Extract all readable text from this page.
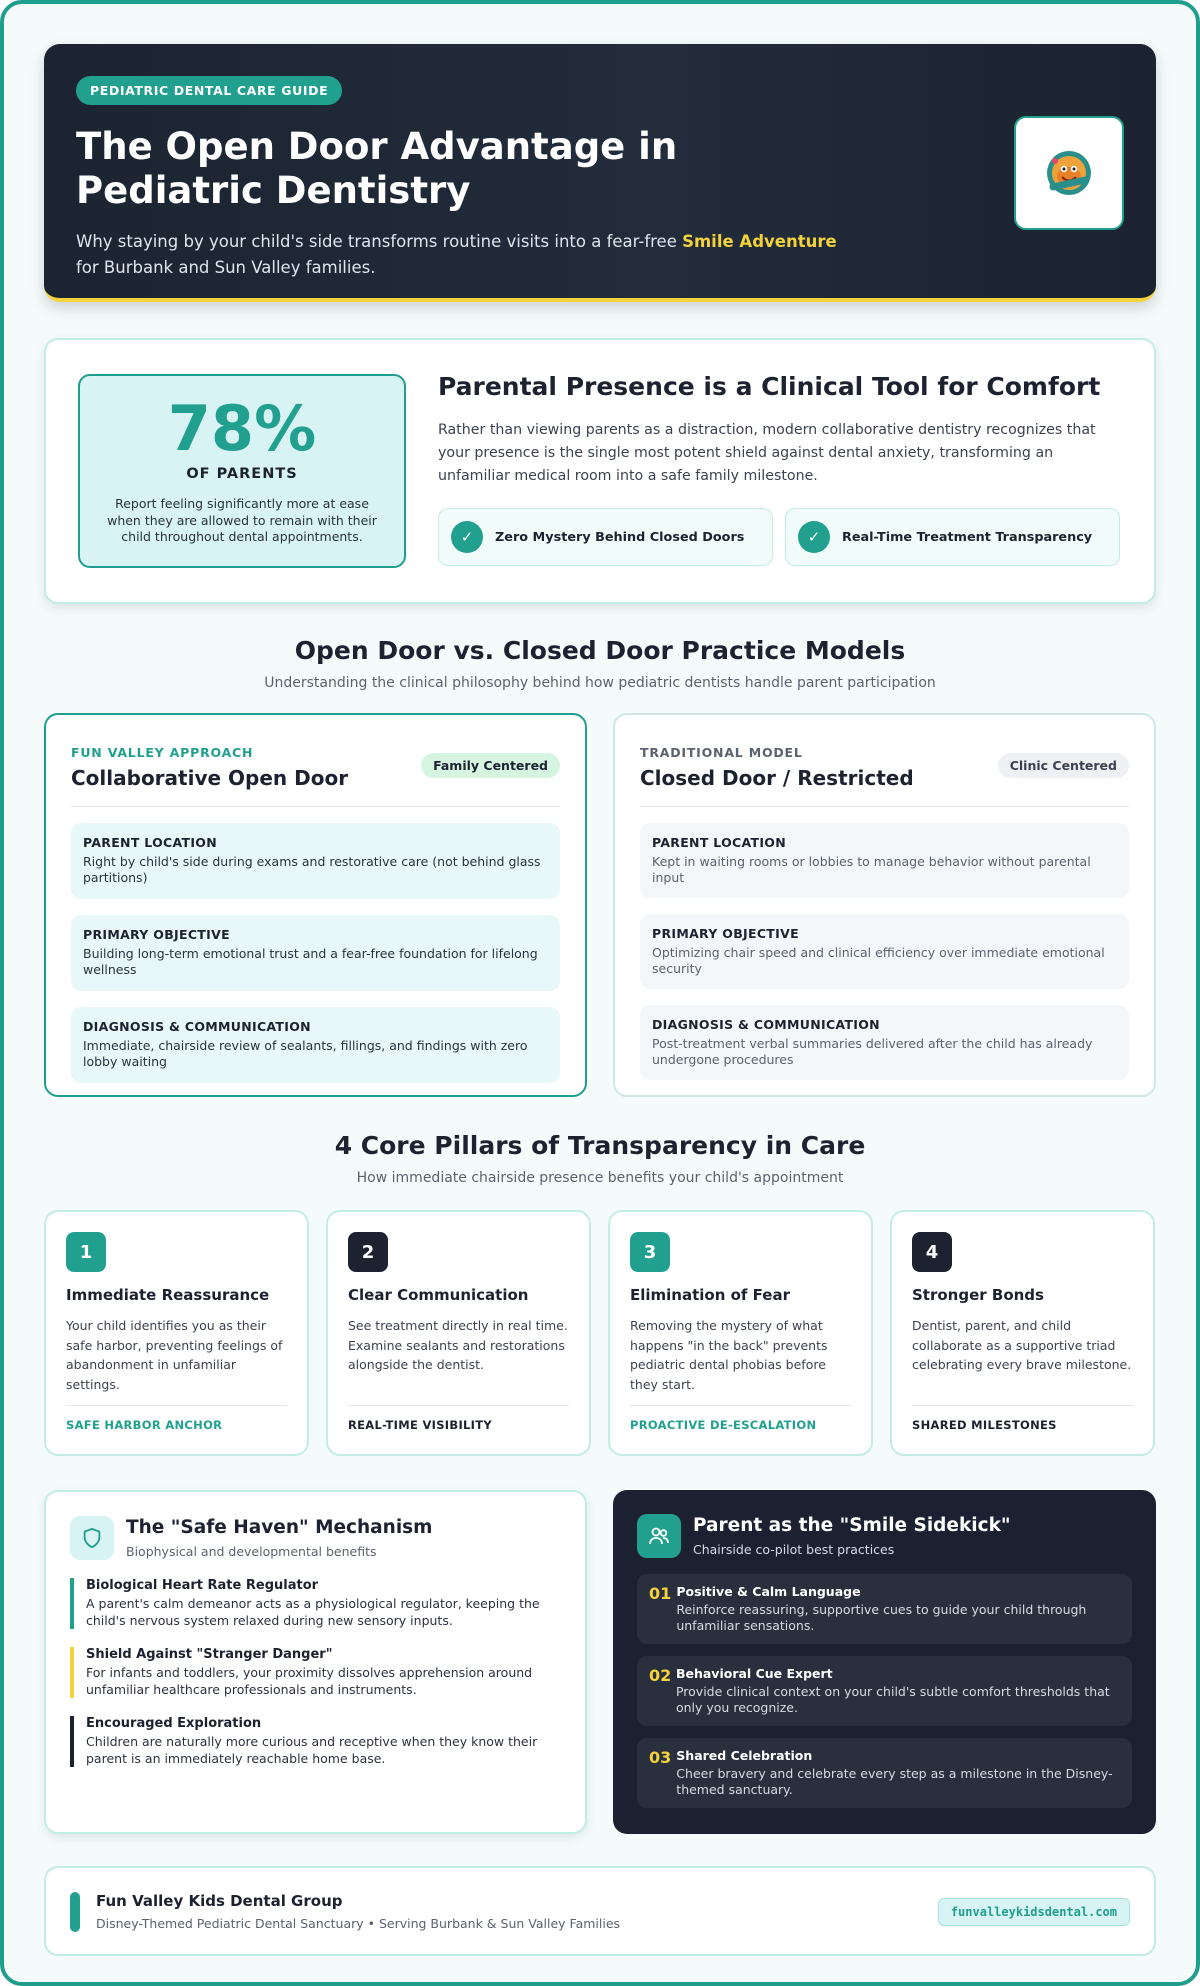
PEDIATRIC DENTAL CARE GUIDE
The Open Door Advantage in Pediatric Dentistry
Why staying by your child's side transforms routine visits into a fear-free Smile Adventure for Burbank and Sun Valley families.
78%
OF PARENTS
Report feeling significantly more at ease when they are allowed to remain with their child throughout dental appointments.
Parental Presence is a Clinical Tool for Comfort
Rather than viewing parents as a distraction, modern collaborative dentistry recognizes that your presence is the single most potent shield against dental anxiety, transforming an unfamiliar medical room into a safe family milestone.
✓	Zero Mystery Behind Closed Doors	✓	Real-Time Treatment Transparency
Open Door vs. Closed Door Practice Models
Understanding the clinical philosophy behind how pediatric dentists handle parent participation
FUN VALLEY APPROACH
Collaborative Open Door
Family Centered
PARENT LOCATION
Right by child's side during exams and restorative care (not behind glass partitions)
PRIMARY OBJECTIVE
Building long-term emotional trust and a fear-free foundation for lifelong wellness
DIAGNOSIS & COMMUNICATION
Immediate, chairside review of sealants, fillings, and findings with zero lobby waiting
TRADITIONAL MODEL
Closed Door / Restricted
Clinic Centered
PARENT LOCATION
Kept in waiting rooms or lobbies to manage behavior without parental input
PRIMARY OBJECTIVE
Optimizing chair speed and clinical efficiency over immediate emotional security
DIAGNOSIS & COMMUNICATION
Post-treatment verbal summaries delivered after the child has already undergone procedures
4 Core Pillars of Transparency in Care
How immediate chairside presence benefits your child's appointment
1
Immediate Reassurance
Your child identifies you as their safe harbor, preventing feelings of abandonment in unfamiliar settings.
SAFE HARBOR ANCHOR
2
Clear Communication
See treatment directly in real time. Examine sealants and restorations alongside the dentist.
REAL-TIME VISIBILITY
3
Elimination of Fear
Removing the mystery of what happens "in the back" prevents pediatric dental phobias before they start.
PROACTIVE DE-ESCALATION
4
Stronger Bonds
Dentist, parent, and child collaborate as a supportive triad celebrating every brave milestone.
SHARED MILESTONES
The "Safe Haven" Mechanism
Biophysical and developmental benefits
Biological Heart Rate Regulator
A parent's calm demeanor acts as a physiological regulator, keeping the child's nervous system relaxed during new sensory inputs.
Shield Against "Stranger Danger"
For infants and toddlers, your proximity dissolves apprehension around unfamiliar healthcare professionals and instruments.
Encouraged Exploration
Children are naturally more curious and receptive when they know their parent is an immediately reachable home base.
Parent as the "Smile Sidekick"
Chairside co-pilot best practices
01 Positive & Calm Language
Reinforce reassuring, supportive cues to guide your child through unfamiliar sensations.
02 Behavioral Cue Expert
Provide clinical context on your child's subtle comfort thresholds that only you recognize.
03 Shared Celebration
Cheer bravery and celebrate every step as a milestone in the Disney-themed sanctuary.
Fun Valley Kids Dental Group
Disney-Themed Pediatric Dental Sanctuary • Serving Burbank & Sun Valley Families
funvalleykidsdental.com
